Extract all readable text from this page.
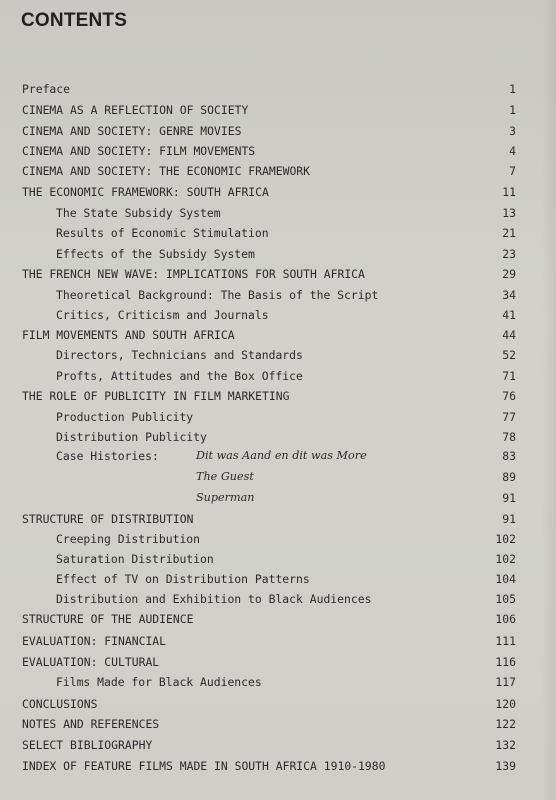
CONTENTS
Preface	1
CINEMA AS A REFLECTION OF SOCIETY	1
CINEMA AND SOCIETY: GENRE MOVIES	3
CINEMA AND SOCIETY: FILM MOVEMENTS	4
CINEMA AND SOCIETY: THE ECONOMIC FRAMEWORK	7
THE ECONOMIC FRAMEWORK: SOUTH AFRICA	11
The State Subsidy System	13
Results of Economic Stimulation	21
Effects of the Subsidy System	23
THE FRENCH NEW WAVE: IMPLICATIONS FOR SOUTH AFRICA	29
Theoretical Background: The Basis of the Script	34
Critics, Criticism and Journals	41
FILM MOVEMENTS AND SOUTH AFRICA	44
Directors, Technicians and Standards	52
Profts, Attitudes and the Box Office	71
THE ROLE OF PUBLICITY IN FILM MARKETING	76
Production Publicity	77
Distribution Publicity	78
Case Histories:	Dit was Aand en dit was More	83
The Guest	89
Superman	91
STRUCTURE OF DISTRIBUTION	91
Creeping Distribution	102
Saturation Distribution	102
Effect of TV on Distribution Patterns	104
Distribution and Exhibition to Black Audiences	105
STRUCTURE OF THE AUDIENCE	106
EVALUATION: FINANCIAL	111
EVALUATION: CULTURAL	116
Films Made for Black Audiences	117
CONCLUSIONS	120
NOTES AND REFERENCES	122
SELECT BIBLIOGRAPHY	132
INDEX OF FEATURE FILMS MADE IN SOUTH AFRICA 1910-1980	139
